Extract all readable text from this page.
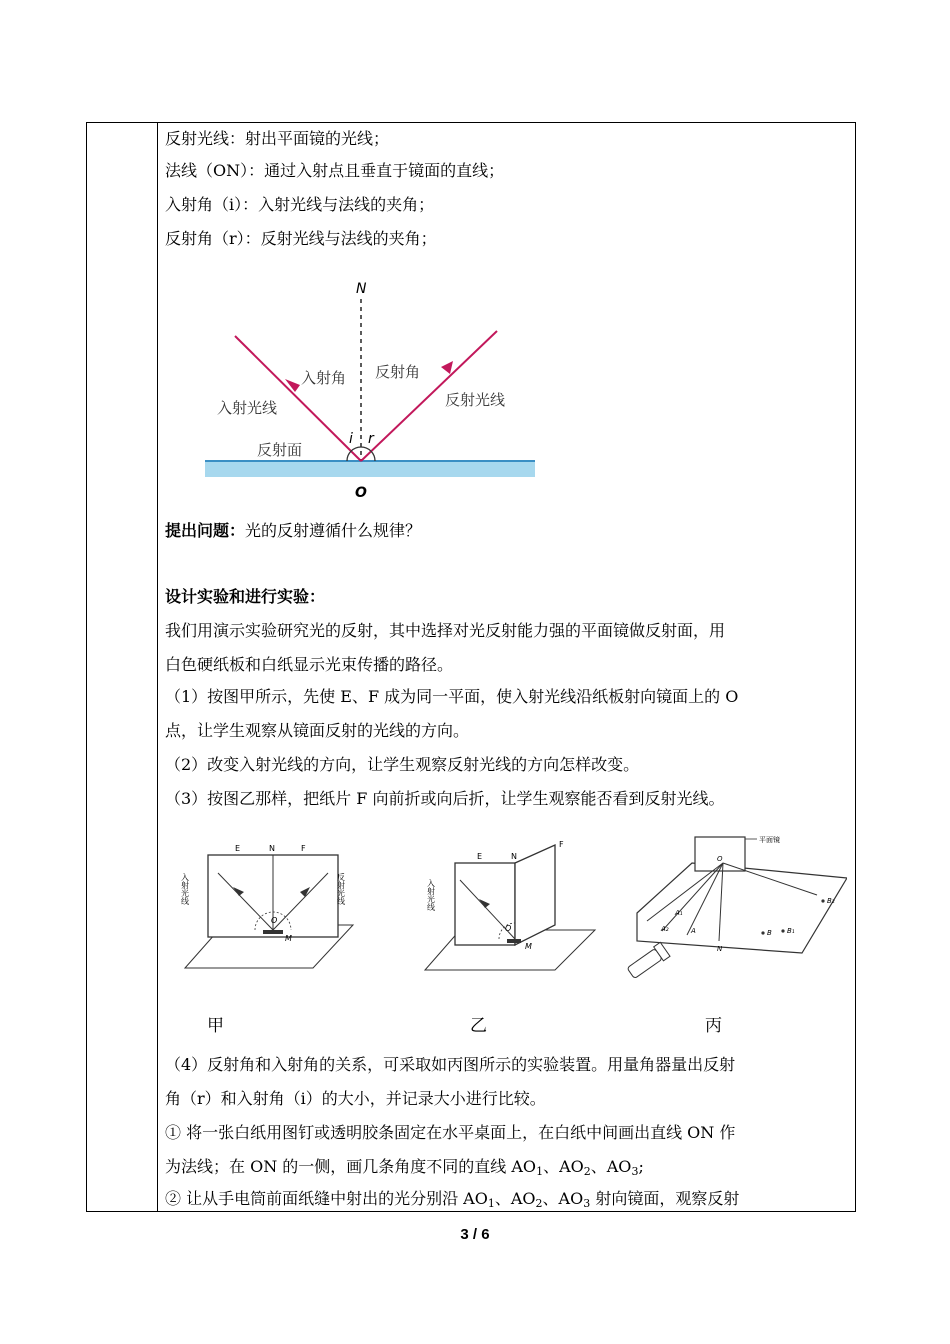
反射光线：射出平面镜的光线；
法线（ON）：通过入射点且垂直于镜面的直线；
入射角（i）：入射光线与法线的夹角；
反射角（r）：反射光线与法线的夹角；
N
O
i r
入射角 反射角
入射光线	反射光线
反射面
提出问题：光的反射遵循什么规律？
设计实验和进行实验：
我们用演示实验研究光的反射，其中选择对光反射能力强的平面镜做反射面，用
白色硬纸板和白纸显示光束传播的路径。
（1）按图甲所示，先使 E、F 成为同一平面，使入射光线沿纸板射向镜面上的 O
点，让学生观察从镜面反射的光线的方向。
（2）改变入射光线的方向，让学生观察反射光线的方向怎样改变。
（3）按图乙那样，把纸片 F 向前折或向后折，让学生观察能否看到反射光线。
E	N	F
O
M
入射光线	反射光线
E	N
F
O
M
入射光线
平面镜
O
N
A
A₁
A₂	B B₁
B₂
甲	乙	丙
（4）反射角和入射角的关系，可采取如丙图所示的实验装置。用量角器量出反射
角（r）和入射角（i）的大小，并记录大小进行比较。
① 将一张白纸用图钉或透明胶条固定在水平桌面上，在白纸中间画出直线 ON 作
为法线；在 ON 的一侧，画几条角度不同的直线 $AO_1$、$AO_2$、$AO_3$;
② 让从手电筒前面纸缝中射出的光分别沿 $AO_1$、$AO_2$、$AO_3$ 射向镜面，观察反射
3 / 6
